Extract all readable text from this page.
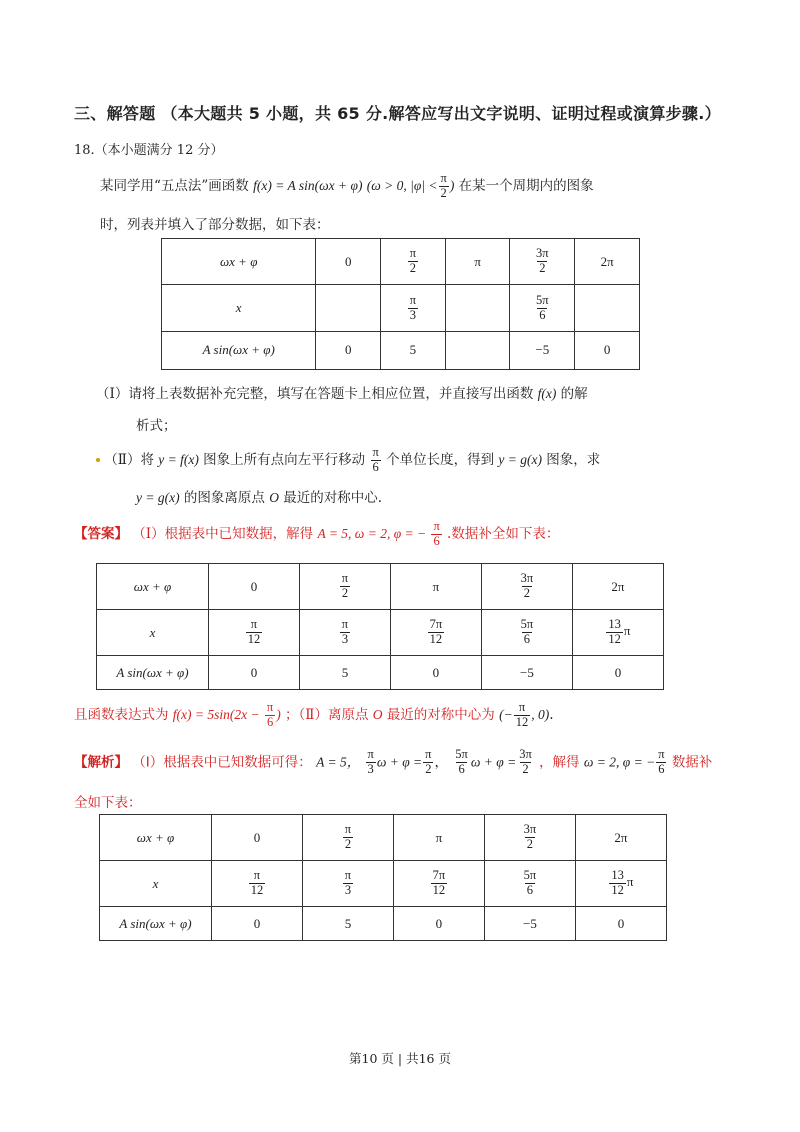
三、解答题 （本大题共 5 小题，共 65 分.解答应写出文字说明、证明过程或演算步骤.）
18.（本小题满分 12 分）
某同学用“五点法”画函数 f(x) = A sin(ωx + φ) (ω > 0, $|\varphi| < \frac{\pi}{2}$ ) 在某一个周期内的图象
时，列表并填入了部分数据，如下表：
ωx + φ	0	$\frac{\pi}{2}$	π	$\frac{3\pi}{2}$	2π
x		$\frac{\pi}{3}$		$\frac{5\pi}{6}$

A sin(ωx + φ)	0	5		−5	0
（Ⅰ）请将上表数据补充完整，填写在答题卡上相应位置，并直接写出函数 f(x) 的解
析式；
（Ⅱ）将 y = f(x) 图象上所有点向左平行移动 $\frac{\pi}{6}$ 个单位长度，得到 y = g(x) 图象，求
y = g(x) 的图象离原点 O 最近的对称中心.
【答案】 （Ⅰ）根据表中已知数据，解得 A = 5, ω = 2, φ = − $\frac{\pi}{6}$ .数据补全如下表：
ωx + φ	0	$\frac{\pi}{2}$	π	$\frac{3\pi}{2}$	2π
x	$\frac{\pi}{12}$	$\frac{\pi}{3}$	$\frac{7\pi}{12}$	$\frac{5\pi}{6}$	$\frac{13}{12}$ π
A sin(ωx + φ)	0	5	0	−5	0
且函数表达式为 $f(x) = 5\sin(2x - \frac{\pi}{6}$ ) ；（Ⅱ）离原点 O 最近的对称中心为 (− $\frac{\pi}{12}$ , 0).
【解析】 （Ⅰ）根据表中已知数据可得： A = 5， $\frac{\pi}{3}$ $\omega + \varphi = \frac{\pi}{2}$ ， $\frac{5\pi}{6}$ $\omega + \varphi = \frac{3\pi}{2}$ ，解得 ω = 2, φ = − $\frac{\pi}{6}$ 数据补
全如下表：
ωx + φ	0	$\frac{\pi}{2}$	π	$\frac{3\pi}{2}$	2π
x	$\frac{\pi}{12}$	$\frac{\pi}{3}$	$\frac{7\pi}{12}$	$\frac{5\pi}{6}$	$\frac{13}{12}$ π
A sin(ωx + φ)	0	5	0	−5	0
第10 页 | 共16 页
